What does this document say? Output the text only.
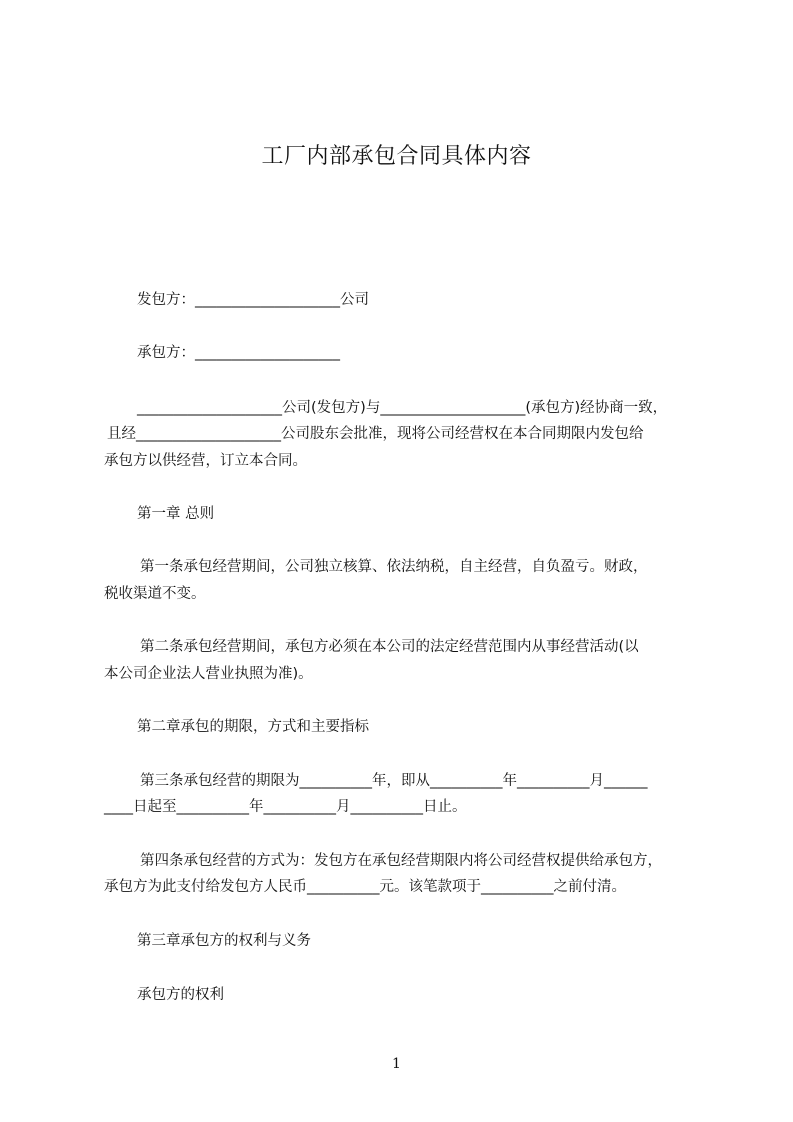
工厂内部承包合同具体内容
发包方：____________________公司
承包方：____________________
____________________公司(发包方)与____________________(承包方)经协商一致，
且经____________________公司股东会批准，现将公司经营权在本合同期限内发包给
承包方以供经营，订立本合同。
第一章 总则
第一条承包经营期间，公司独立核算、依法纳税，自主经营，自负盈亏。财政，
税收渠道不变。
第二条承包经营期间，承包方必须在本公司的法定经营范围内从事经营活动(以
本公司企业法人营业执照为准)。
第二章承包的期限，方式和主要指标
第三条承包经营的期限为__________年，即从__________年__________月______
____日起至__________年__________月__________日止。
第四条承包经营的方式为：发包方在承包经营期限内将公司经营权提供给承包方，
承包方为此支付给发包方人民币__________元。该笔款项于__________之前付清。
第三章承包方的权利与义务
承包方的权利
1
